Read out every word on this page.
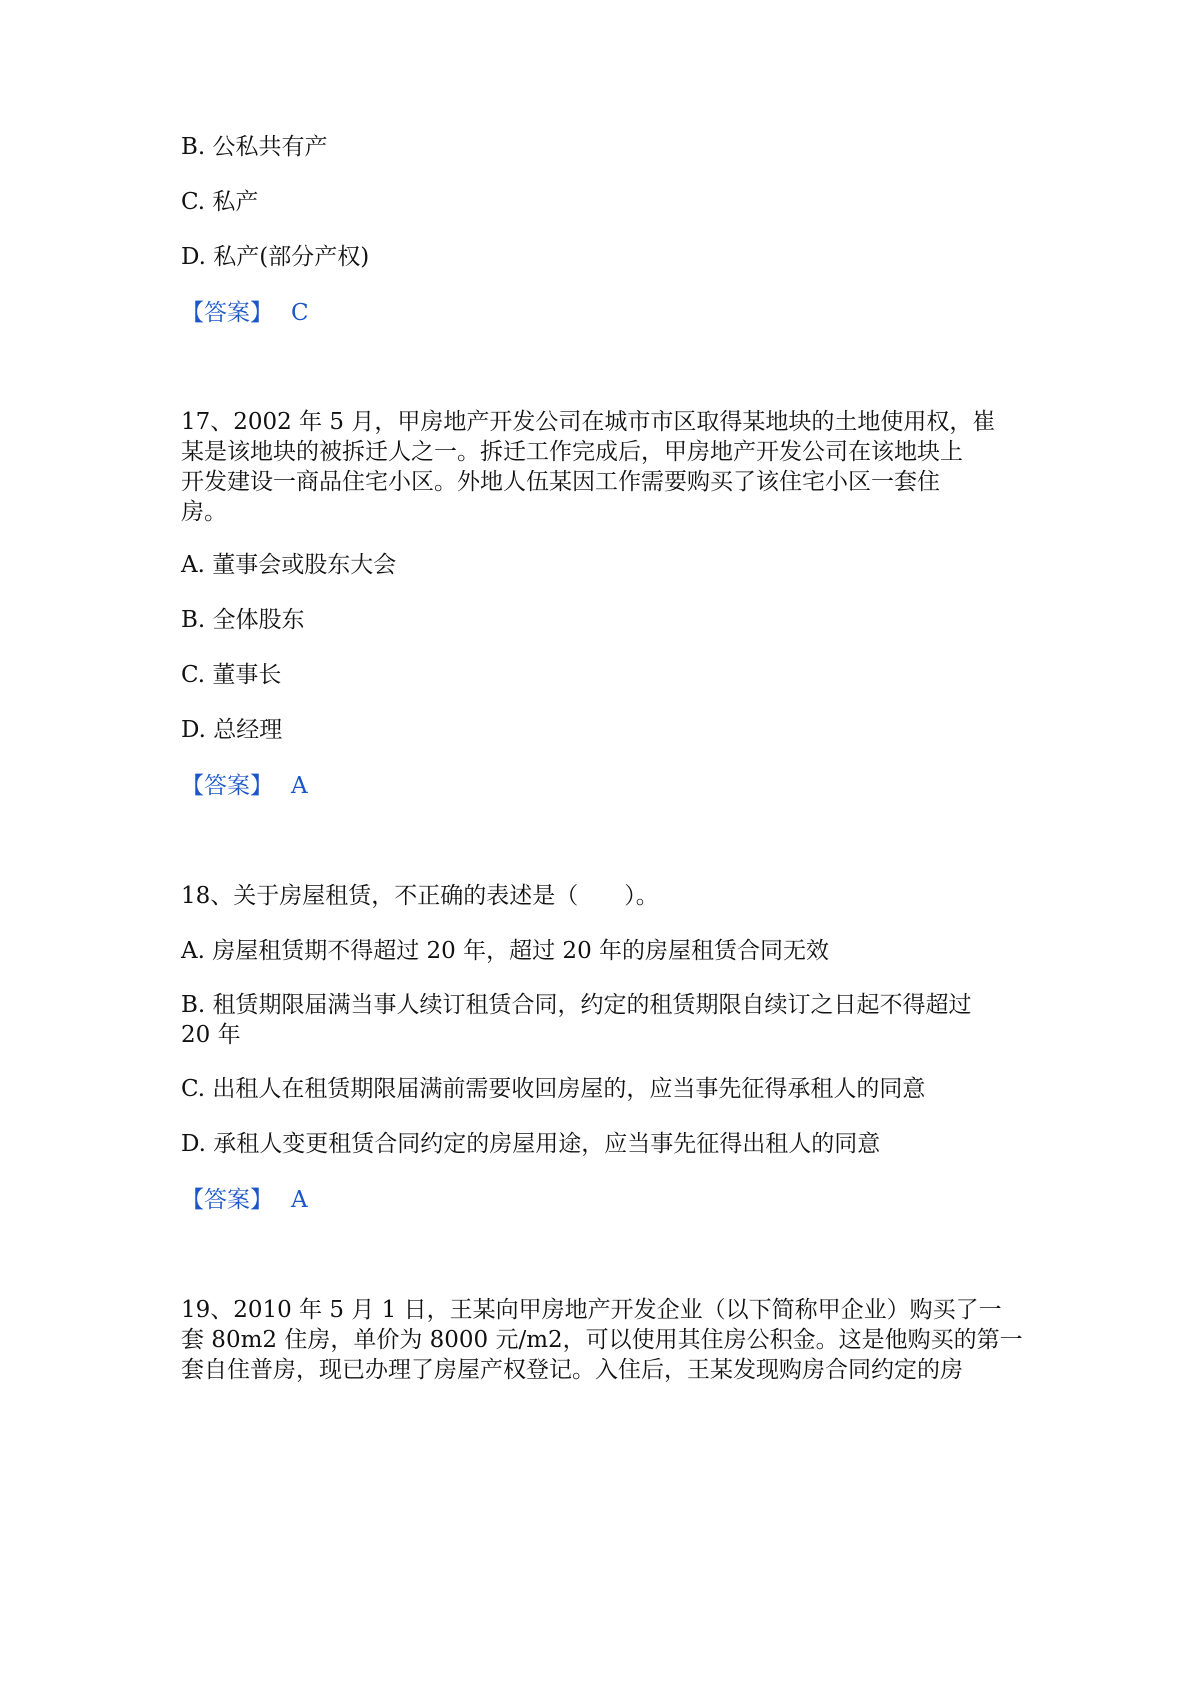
B. 公私共有产
C. 私产
D. 私产(部分产权)
【答案】 C
17、2002 年 5 月，甲房地产开发公司在城市市区取得某地块的土地使用权，崔
某是该地块的被拆迁人之一。拆迁工作完成后，甲房地产开发公司在该地块上
开发建设一商品住宅小区。外地人伍某因工作需要购买了该住宅小区一套住
房。
A. 董事会或股东大会
B. 全体股东
C. 董事长
D. 总经理
【答案】 A
18、关于房屋租赁，不正确的表述是（　　）。
A. 房屋租赁期不得超过 20 年，超过 20 年的房屋租赁合同无效
B. 租赁期限届满当事人续订租赁合同，约定的租赁期限自续订之日起不得超过
20 年
C. 出租人在租赁期限届满前需要收回房屋的，应当事先征得承租人的同意
D. 承租人变更租赁合同约定的房屋用途，应当事先征得出租人的同意
【答案】 A
19、2010 年 5 月 1 日，王某向甲房地产开发企业（以下简称甲企业）购买了一
套 80m2 住房，单价为 8000 元/m2，可以使用其住房公积金。这是他购买的第一
套自住普房，现已办理了房屋产权登记。入住后，王某发现购房合同约定的房
